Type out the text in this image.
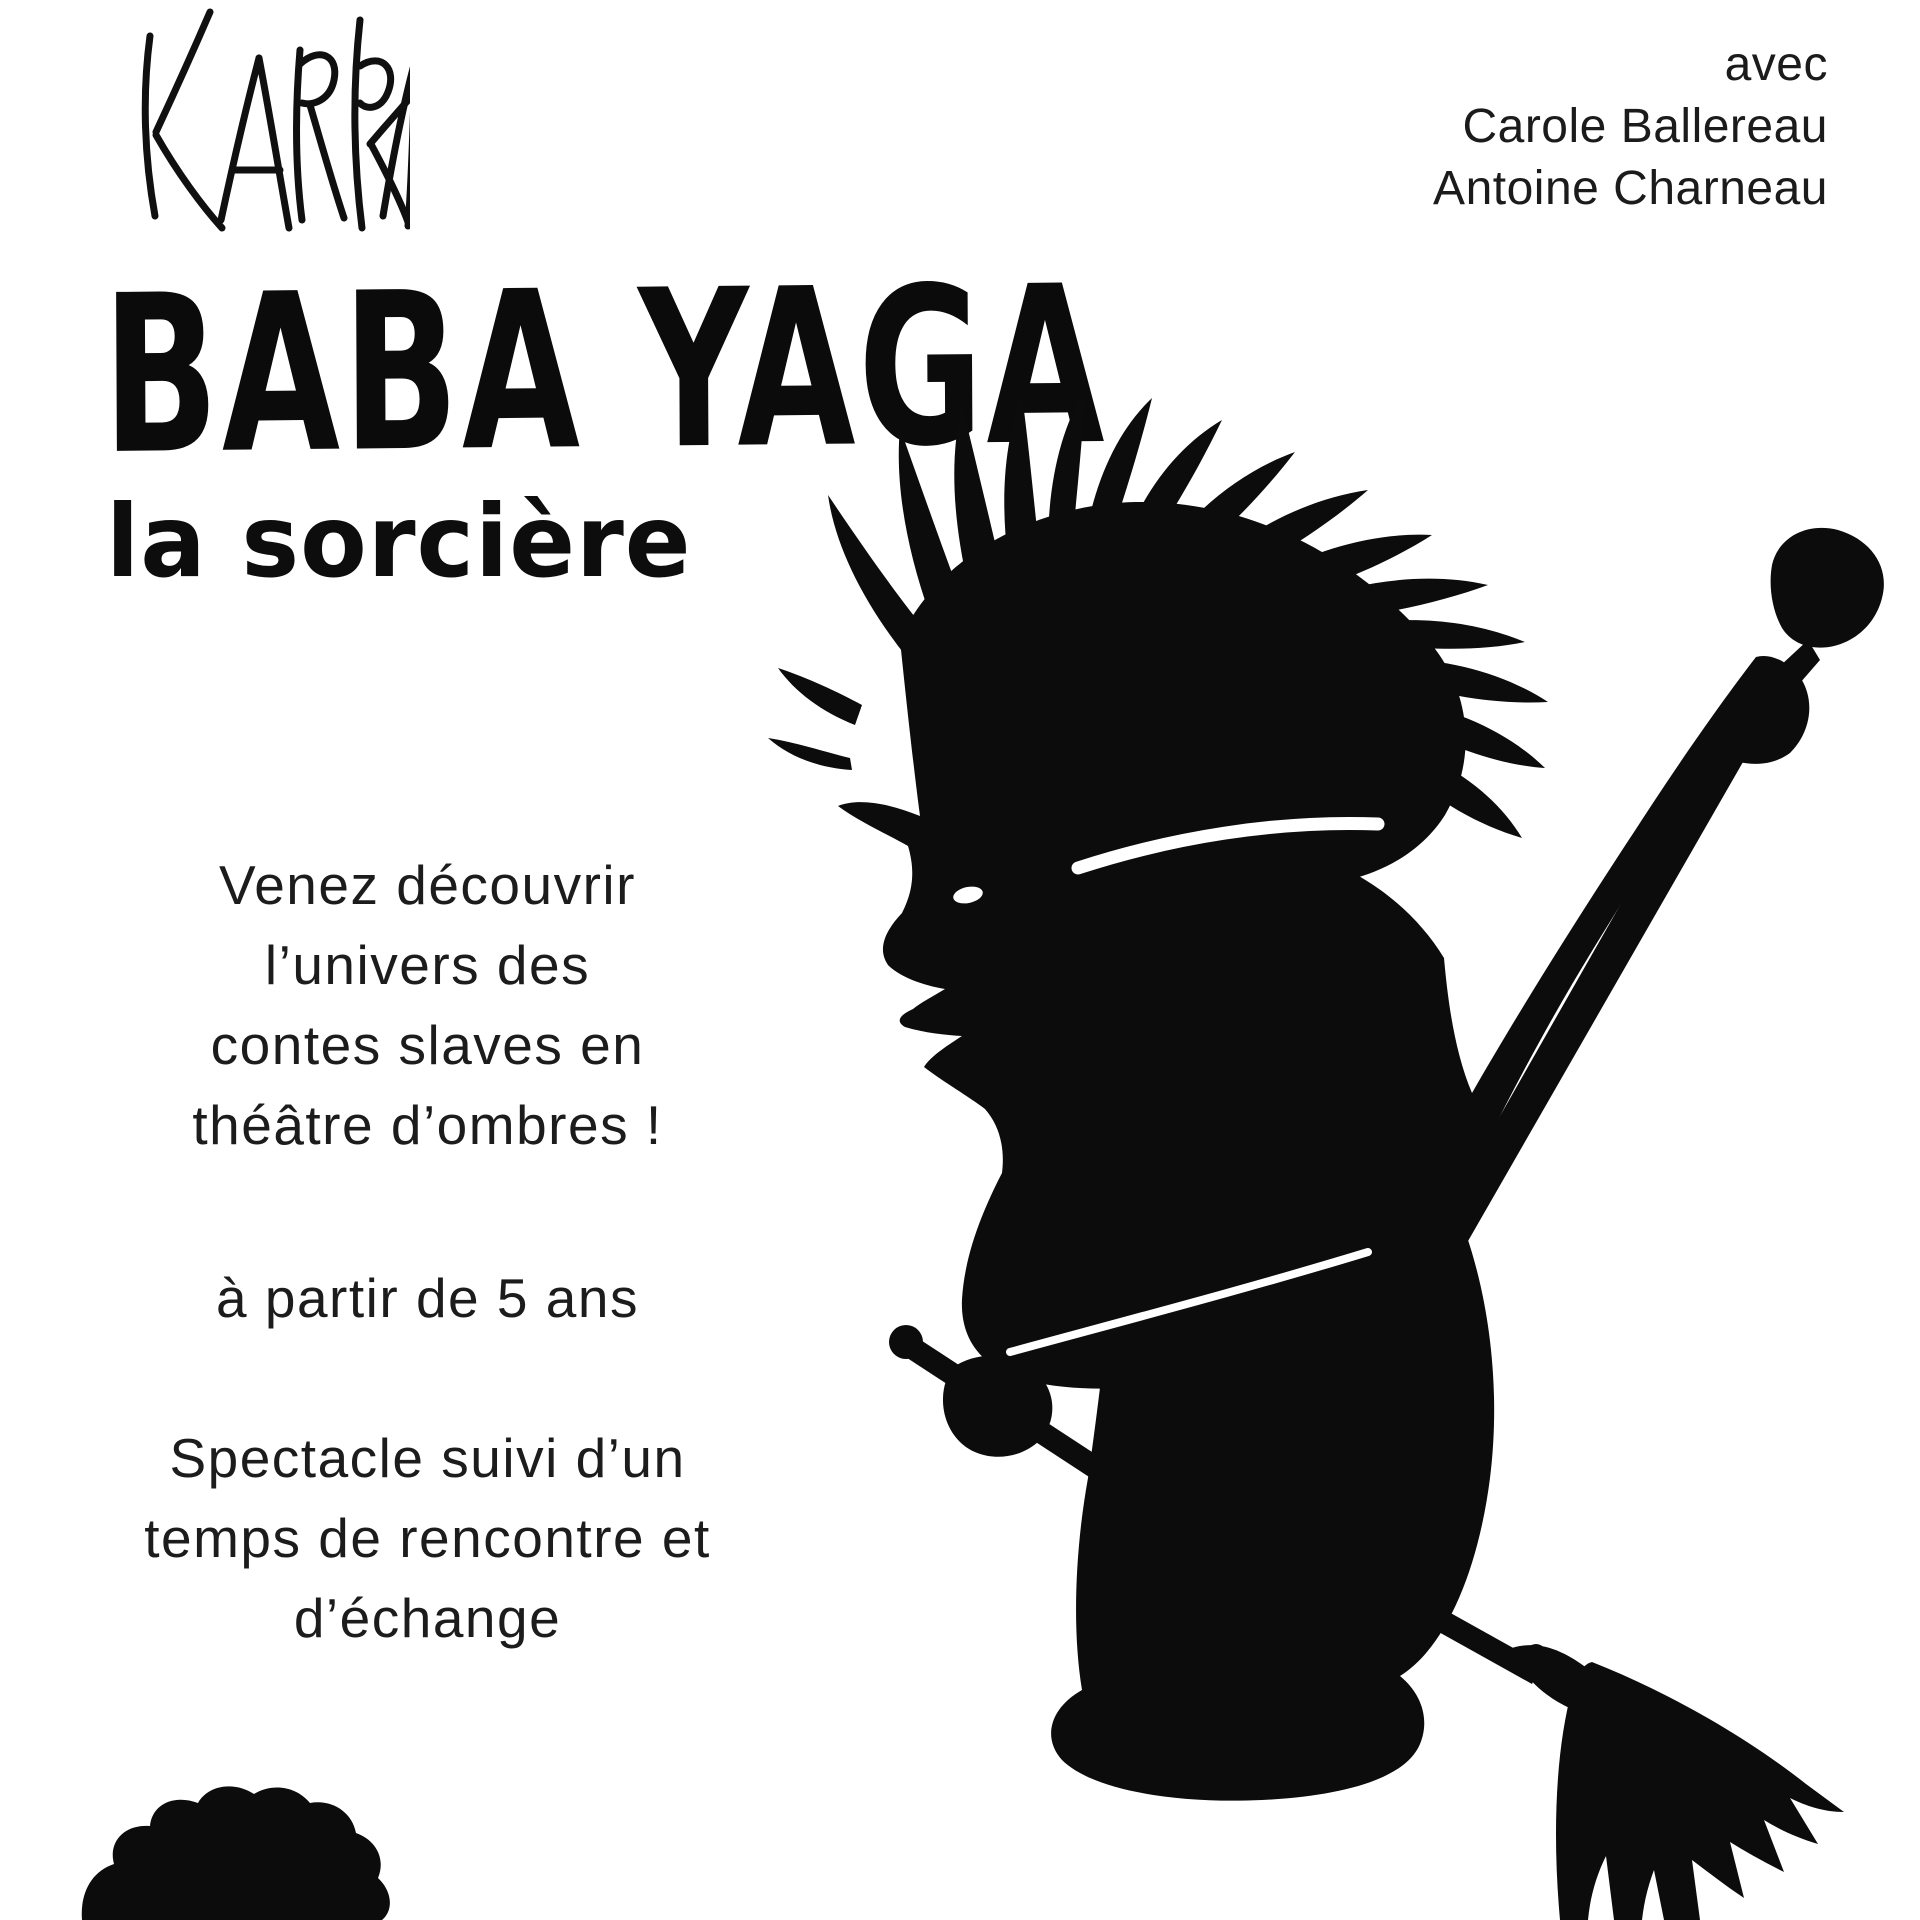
avec
Carole Ballereau
Antoine Charneau
BABA YAGA
la sorcière
Venez découvrir
l’univers des
contes slaves en
théâtre d’ombres !
à partir de 5 ans
Spectacle suivi d’un
temps de rencontre et
d’échange
